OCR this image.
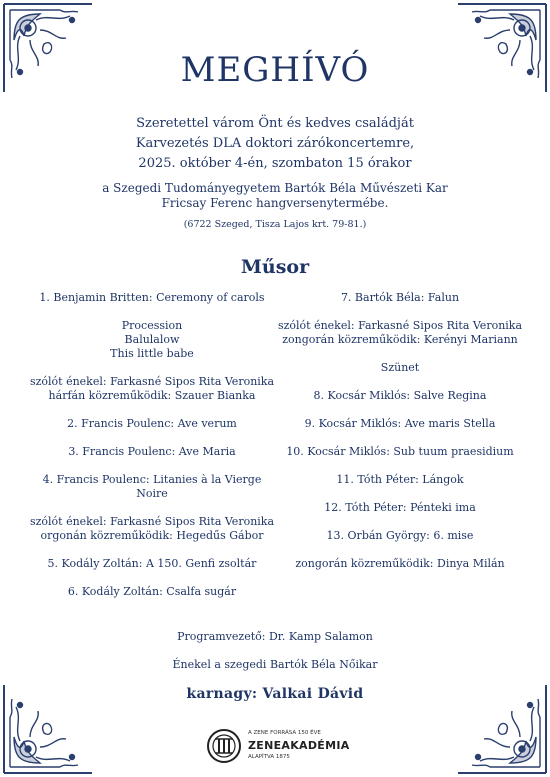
MEGHÍVÓ
Szeretettel várom Önt és kedves családját
Karvezetés DLA doktori zárókoncertemre,
2025. október 4-én, szombaton 15 órakor
a Szegedi Tudományegyetem Bartók Béla Művészeti Kar
Fricsay Ferenc hangversenytermébe.
(6722 Szeged, Tisza Lajos krt. 79-81.)
Műsor
1. Benjamin Britten: Ceremony of carols
Procession
Balulalow
This little babe
szólót énekel: Farkasné Sipos Rita Veronika
hárfán közreműködik: Szauer Bianka
2. Francis Poulenc: Ave verum
3. Francis Poulenc: Ave Maria
4. Francis Poulenc: Litanies à la Vierge
Noire
szólót énekel: Farkasné Sipos Rita Veronika
orgonán közreműködik: Hegedűs Gábor
5. Kodály Zoltán: A 150. Genfi zsoltár
6. Kodály Zoltán: Csalfa sugár
7. Bartók Béla: Falun
szólót énekel: Farkasné Sipos Rita Veronika
zongorán közreműködik: Kerényi Mariann
Szünet
8. Kocsár Miklós: Salve Regina
9. Kocsár Miklós: Ave maris Stella
10. Kocsár Miklós: Sub tuum praesidium
11. Tóth Péter: Lángok
12. Tóth Péter: Pénteki ima
13. Orbán György: 6. mise
zongorán közreműködik: Dinya Milán
Programvezető: Dr. Kamp Salamon
Énekel a szegedi Bartók Béla Nőikar
karnagy: Valkai Dávid
A ZENE FORRÁSA 150 ÉVE
ZENEAKADÉMIA
ALAPÍTVA 1875
